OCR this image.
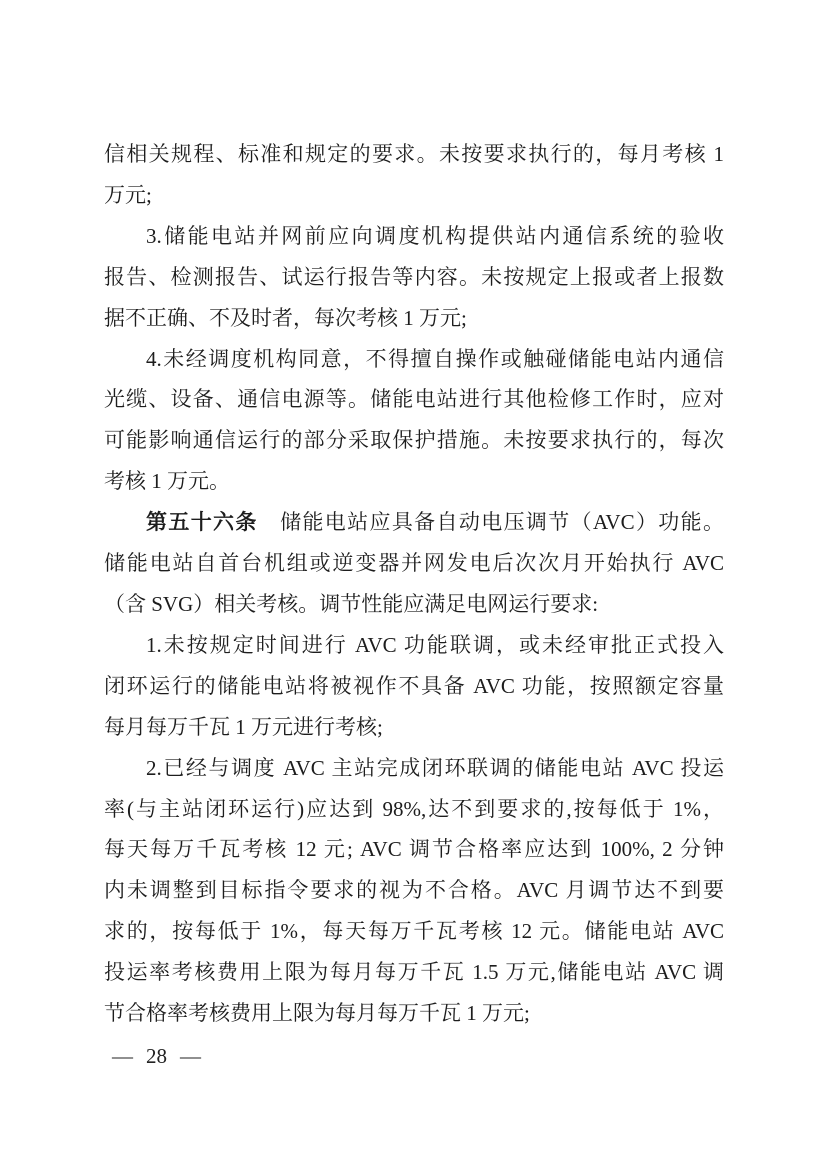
信相关规程、标准和规定的要求。未按要求执行的，每月考核 1

万元;

3.储能电站并网前应向调度机构提供站内通信系统的验收

报告、检测报告、试运行报告等内容。未按规定上报或者上报数

据不正确、不及时者，每次考核 1 万元;

4.未经调度机构同意，不得擅自操作或触碰储能电站内通信

光缆、设备、通信电源等。储能电站进行其他检修工作时，应对

可能影响通信运行的部分采取保护措施。未按要求执行的，每次

考核 1 万元。

第五十六条　储能电站应具备自动电压调节（AVC）功能。

储能电站自首台机组或逆变器并网发电后次次月开始执行 AVC

（含 SVG）相关考核。调节性能应满足电网运行要求:

1.未按规定时间进行 AVC 功能联调，或未经审批正式投入

闭环运行的储能电站将被视作不具备 AVC 功能，按照额定容量

每月每万千瓦 1 万元进行考核;

2.已经与调度 AVC 主站完成闭环联调的储能电站 AVC 投运

率(与主站闭环运行)应达到 98%,达不到要求的,按每低于 1%，

每天每万千瓦考核 12 元; AVC 调节合格率应达到 100%, 2 分钟

内未调整到目标指令要求的视为不合格。AVC 月调节达不到要

求的，按每低于 1%，每天每万千瓦考核 12 元。储能电站 AVC

投运率考核费用上限为每月每万千瓦 1.5 万元,储能电站 AVC 调

节合格率考核费用上限为每月每万千瓦 1 万元;

— 28 —
